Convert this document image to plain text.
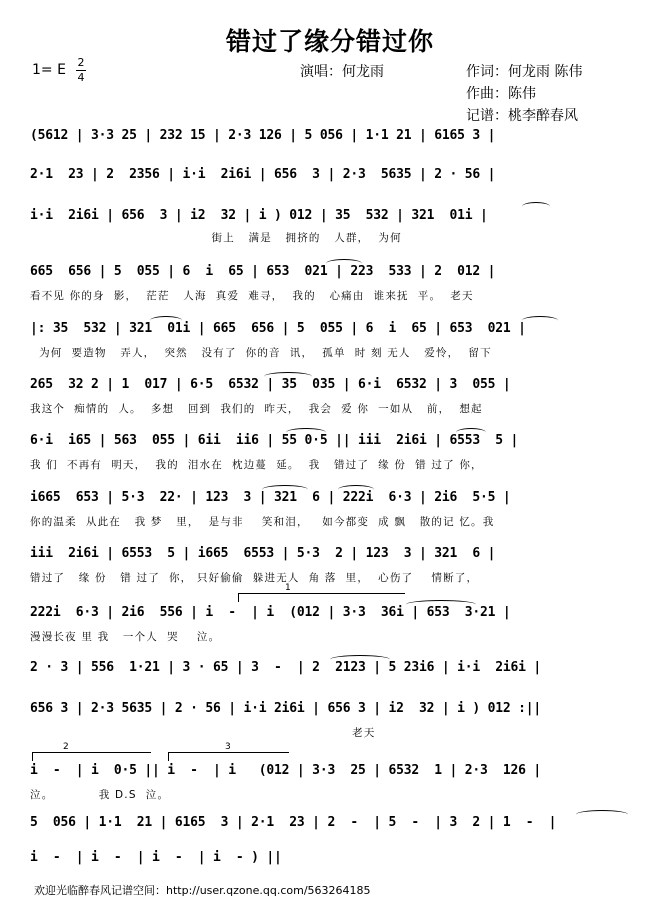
错过了缘分错过你
1= E 2
4	演唱：何龙雨	作词：何龙雨 陈伟
作曲：陈伟
记谱：桃李醉春风
(5612 | 3·3 25 | 232 15 | 2·3 126 | 5 056 | 1·1 21 | 6165 3 |
2·1  23 | 2  2356 | i·i  2i6i | 656  3 | 2·3  5635 | 2 · 56 |
i·i  2i6i | 656  3 | i2  32 | i ) 012 | 35  532 | 321  01i |
街上   满是   拥挤的   人群，  为何
665  656 | 5  055 | 6  i  65 | 653  021 | 223  533 | 2  012 |
看不见 你的身  影，  茫茫   人海  真爱  难寻，  我的   心痛由  谁来抚  平。  老天
|: 35  532 | 321  01i | 665  656 | 5  055 | 6  i  65 | 653  021 |
为何  要造物   弄人，  突然   没有了  你的音  讯，  孤单  时 刻 无人   爱怜，  留下
265  32 2 | 1  017 | 6·5  6532 | 35  035 | 6·i  6532 | 3  055 |
我这个  痴情的  人。  多想   回到  我们的  昨天，  我会  爱 你  一如从   前，  想起
6·i  i65 | 563  055 | 6ii  ii6 | 55 0·5 || iii  2i6i | 6553  5 |
我 们  不再有  明天，  我的  泪水在  枕边蔓  延。  我   错过了  缘 份  错 过了 你，
i665  653 | 5·3  22· | 123  3 | 321  6 | 222i  6·3 | 2i6  5·5 |
你的温柔  从此在   我 梦   里，  是与非    笑和泪，   如今都变  成 飘   散的记 忆。我
iii  2i6i | 6553  5 | i665  6553 | 5·3  2 | 123  3 | 321  6 |
错过了   缘 份   错 过了  你， 只好偷偷  躲进无人  角 落  里，  心伤了    情断了，
222i  6·3 | 2i6  556 | i  -  | i  (012 | 3·3  36i | 653  3·21 |
漫漫长夜 里 我   一个人  哭    泣。
2 · 3 | 556  1·21 | 3 · 65 | 3  -  | 2  2123 | 5 23i6 | i·i  2i6i |
656 3 | 2·3 5635 | 2 · 56 | i·i 2i6i | 656 3 | i2  32 | i ) 012 :||
老天
i  -  | i  0·5 || i  -  | i   (012 | 3·3  25 | 6532  1 | 2·3  126 |
泣。          我 D.S  泣。
5  056 | 1·1  21 | 6165  3 | 2·1  23 | 2  -  | 5  -  | 3  2 | 1  -  |
i  -  | i  -  | i  -  | i  - ) ||
1
2	3
欢迎光临醉春风记谱空间：http://user.qzone.qq.com/563264185
